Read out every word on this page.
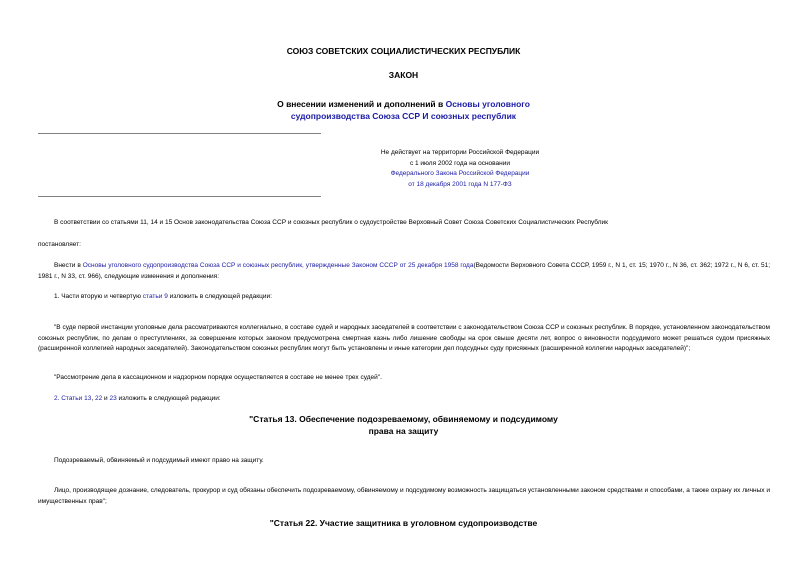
СОЮЗ СОВЕТСКИХ СОЦИАЛИСТИЧЕСКИХ РЕСПУБЛИК
ЗАКОН
О внесении изменений и дополнений в Основы уголовного судопроизводства Союза ССР И союзных республик
Не действует на территории Российской Федерации
с 1 июля 2002 года на основании
Федерального Закона Российской Федерации
от 18 декабря 2001 года N 177-ФЗ
В соответствии со статьями 11, 14 и 15 Основ законодательства Союза ССР и союзных республик о судоустройстве Верховный Совет Союза Советских Социалистических Республик
постановляет:
Внести в Основы уголовного судопроизводства Союза ССР и союзных республик, утвержденные Законом СССР от 25 декабря 1958 года(Ведомости Верховного Совета СССР, 1959 г., N 1, ст. 15; 1970 г., N 36, ст. 362; 1972 г., N 6, ст. 51; 1981 г., N 33, ст. 966), следующие изменения и дополнения:
1. Части вторую и четвертую статьи 9 изложить в следующей редакции:
"В суде первой инстанции уголовные дела рассматриваются коллегиально, в составе судей и народных заседателей в соответствии с законодательством Союза ССР и союзных республик. В порядке, установленном законодательством союзных республик, по делам о преступлениях, за совершение которых законом предусмотрена смертная казнь либо лишение свободы на срок свыше десяти лет, вопрос о виновности подсудимого может решаться судом присяжных (расширенной коллегией народных заседателей). Законодательством союзных республик могут быть установлены и иные категории дел подсудных суду присяжных (расширенной коллегии народных заседателей)";
"Рассмотрение дела в кассационном и надзорном порядке осуществляется в составе не менее трех судей".
2. Статьи 13, 22 и 23 изложить в следующей редакции:
"Статья 13. Обеспечение подозреваемому, обвиняемому и подсудимому
права на защиту
Подозреваемый, обвиняемый и подсудимый имеют право на защиту.
Лицо, производящее дознание, следователь, прокурор и суд обязаны обеспечить подозреваемому, обвиняемому и подсудимому возможность защищаться установленными законом средствами и способами, а также охрану их личных и имущественных прав";
"Статья 22. Участие защитника в уголовном судопроизводстве
